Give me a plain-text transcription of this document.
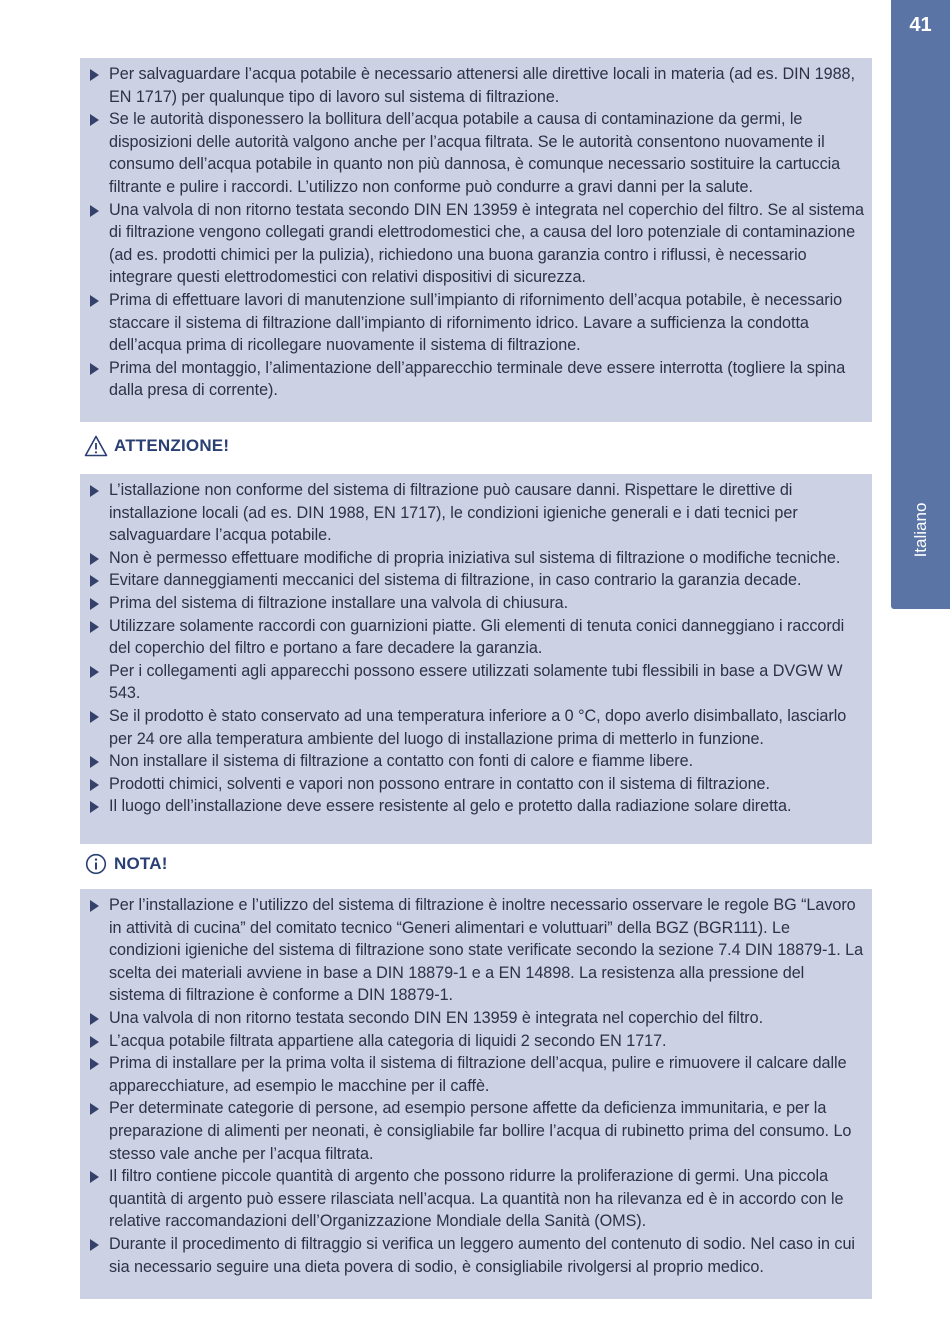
41
Italiano
Per salvaguardare l’acqua potabile è necessario attenersi alle direttive locali in materia (ad es. DIN 1988, EN 1717) per qualunque tipo di lavoro sul sistema di filtrazione.
Se le autorità disponessero la bollitura dell’acqua potabile a causa di contaminazione da germi, le disposizioni delle autorità valgono anche per l’acqua filtrata. Se le autorità consentono nuovamente il consumo dell’acqua potabile in quanto non più dannosa, è comunque necessario sostituire la cartuccia filtrante e pulire i raccordi. L’utilizzo non conforme può condurre a gravi danni per la salute.
Una valvola di non ritorno testata secondo DIN EN 13959 è integrata nel coperchio del filtro. Se al sistema di filtrazione vengono collegati grandi elettrodomestici che, a causa del loro potenziale di contaminazione (ad es. prodotti chimici per la pulizia), richiedono una buona garanzia contro i riflussi, è necessario integrare questi elettrodomestici con relativi dispositivi di sicurezza.
Prima di effettuare lavori di manutenzione sull’impianto di rifornimento dell’acqua potabile, è necessario staccare il sistema di filtrazione dall’impianto di rifornimento idrico. Lavare a sufficienza la condotta dell’acqua prima di ricollegare nuovamente il sistema di filtrazione.
Prima del montaggio, l’alimentazione dell’apparecchio terminale deve essere interrotta (togliere la spina dalla presa di corrente).
ATTENZIONE!
L’istallazione non conforme del sistema di filtrazione può causare danni. Rispettare le direttive di installazione locali (ad es. DIN 1988, EN 1717), le condizioni igieniche generali e i dati tecnici per salvaguardare l’acqua potabile.
Non è permesso effettuare modifiche di propria iniziativa sul sistema di filtrazione o modifiche tecniche.
Evitare danneggiamenti meccanici del sistema di filtrazione, in caso contrario la garanzia decade.
Prima del sistema di filtrazione installare una valvola di chiusura.
Utilizzare solamente raccordi con guarnizioni piatte. Gli elementi di tenuta conici danneggiano i raccordi del coperchio del filtro e portano a fare decadere la garanzia.
Per i collegamenti agli apparecchi possono essere utilizzati solamente tubi flessibili in base a DVGW W 543.
Se il prodotto è stato conservato ad una temperatura inferiore a 0 °C, dopo averlo disimballato, lasciarlo per 24 ore alla temperatura ambiente del luogo di installazione prima di metterlo in funzione.
Non installare il sistema di filtrazione a contatto con fonti di calore e fiamme libere.
Prodotti chimici, solventi e vapori non possono entrare in contatto con il sistema di filtrazione.
Il luogo dell’installazione deve essere resistente al gelo e protetto dalla radiazione solare diretta.
NOTA!
Per l’installazione e l’utilizzo del sistema di filtrazione è inoltre necessario osservare le regole BG “Lavoro in attività di cucina” del comitato tecnico “Generi alimentari e voluttuari” della BGZ (BGR111). Le condizioni igieniche del sistema di filtrazione sono state verificate secondo la sezione 7.4 DIN 18879-1. La scelta dei materiali avviene in base a DIN 18879-1 e a EN 14898. La resistenza alla pressione del sistema di filtrazione è conforme a DIN 18879-1.
Una valvola di non ritorno testata secondo DIN EN 13959 è integrata nel coperchio del filtro.
L’acqua potabile filtrata appartiene alla categoria di liquidi 2 secondo EN 1717.
Prima di installare per la prima volta il sistema di filtrazione dell’acqua, pulire e rimuovere il calcare dalle apparecchiature, ad esempio le macchine per il caffè.
Per determinate categorie di persone, ad esempio persone affette da deficienza immunitaria, e per la preparazione di alimenti per neonati, è consigliabile far bollire l’acqua di rubinetto prima del consumo. Lo stesso vale anche per l’acqua filtrata.
Il filtro contiene piccole quantità di argento che possono ridurre la proliferazione di germi. Una piccola quantità di argento può essere rilasciata nell’acqua. La quantità non ha rilevanza ed è in accordo con le relative raccomandazioni dell’Organizzazione Mondiale della Sanità (OMS).
Durante il procedimento di filtraggio si verifica un leggero aumento del contenuto di sodio. Nel caso in cui sia necessario seguire una dieta povera di sodio, è consigliabile rivolgersi al proprio medico.
